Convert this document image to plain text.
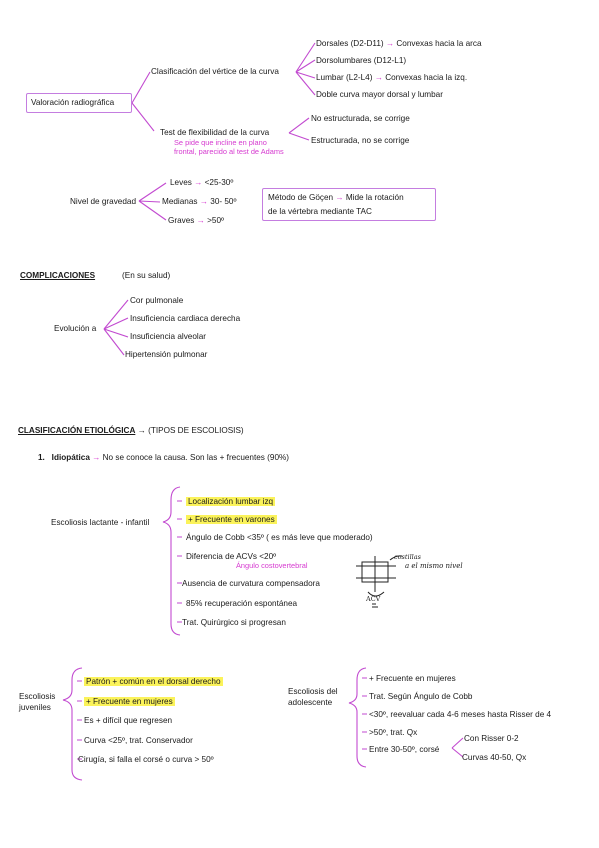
Valoración radiográfica
Clasificación del vértice de la curva
Dorsales (D2-D11) → Convexas hacia la arca
Dorsolumbares (D12-L1)
Lumbar (L2-L4) → Convexas hacia la izq.
Doble curva mayor dorsal y lumbar
Test de flexibilidad de la curva
Se pide que incline en plano
frontal, parecido al test de Adams
No estructurada, se corrige
Estructurada, no se corrige
Nivel de gravedad
Leves → <25-30º
Medianas → 30- 50º
Graves → >50º
Método de Göçen → Mide la rotación
de la vértebra mediante TAC
COMPLICACIONES	(En su salud)
Evolución a
Cor pulmonale
Insuficiencia cardiaca derecha
Insuficiencia alveolar
Hipertensión pulmonar
CLASIFICACIÓN ETIOLÓGICA → (TIPOS DE ESCOLIOSIS)
1. Idiopática → No se conoce la causa. Son las + frecuentes (90%)
Escoliosis lactante - infantil
Localización lumbar izq
+ Frecuente en varones
Ángulo de Cobb <35º ( es más leve que moderado)
Diferencia de ACVs <20º
Ángulo costovertebral
Ausencia de curvatura compensadora
85% recuperación espontánea
Trat. Quirúrgico si progresan
costillas
a el mismo nivel
ACV
Escoliosis
juveniles
Patrón + común en el dorsal derecho
+ Frecuente en mujeres
Es + difícil que regresen
Curva <25º, trat. Conservador
Cirugía, si falla el corsé o curva > 50º
Escoliosis del
adolescente
+ Frecuente en mujeres
Trat. Según Ángulo de Cobb
<30º, reevaluar cada 4-6 meses hasta Risser de 4
>50º, trat. Qx
Entre 30-50º, corsé
Con Risser 0-2
Curvas 40-50, Qx
